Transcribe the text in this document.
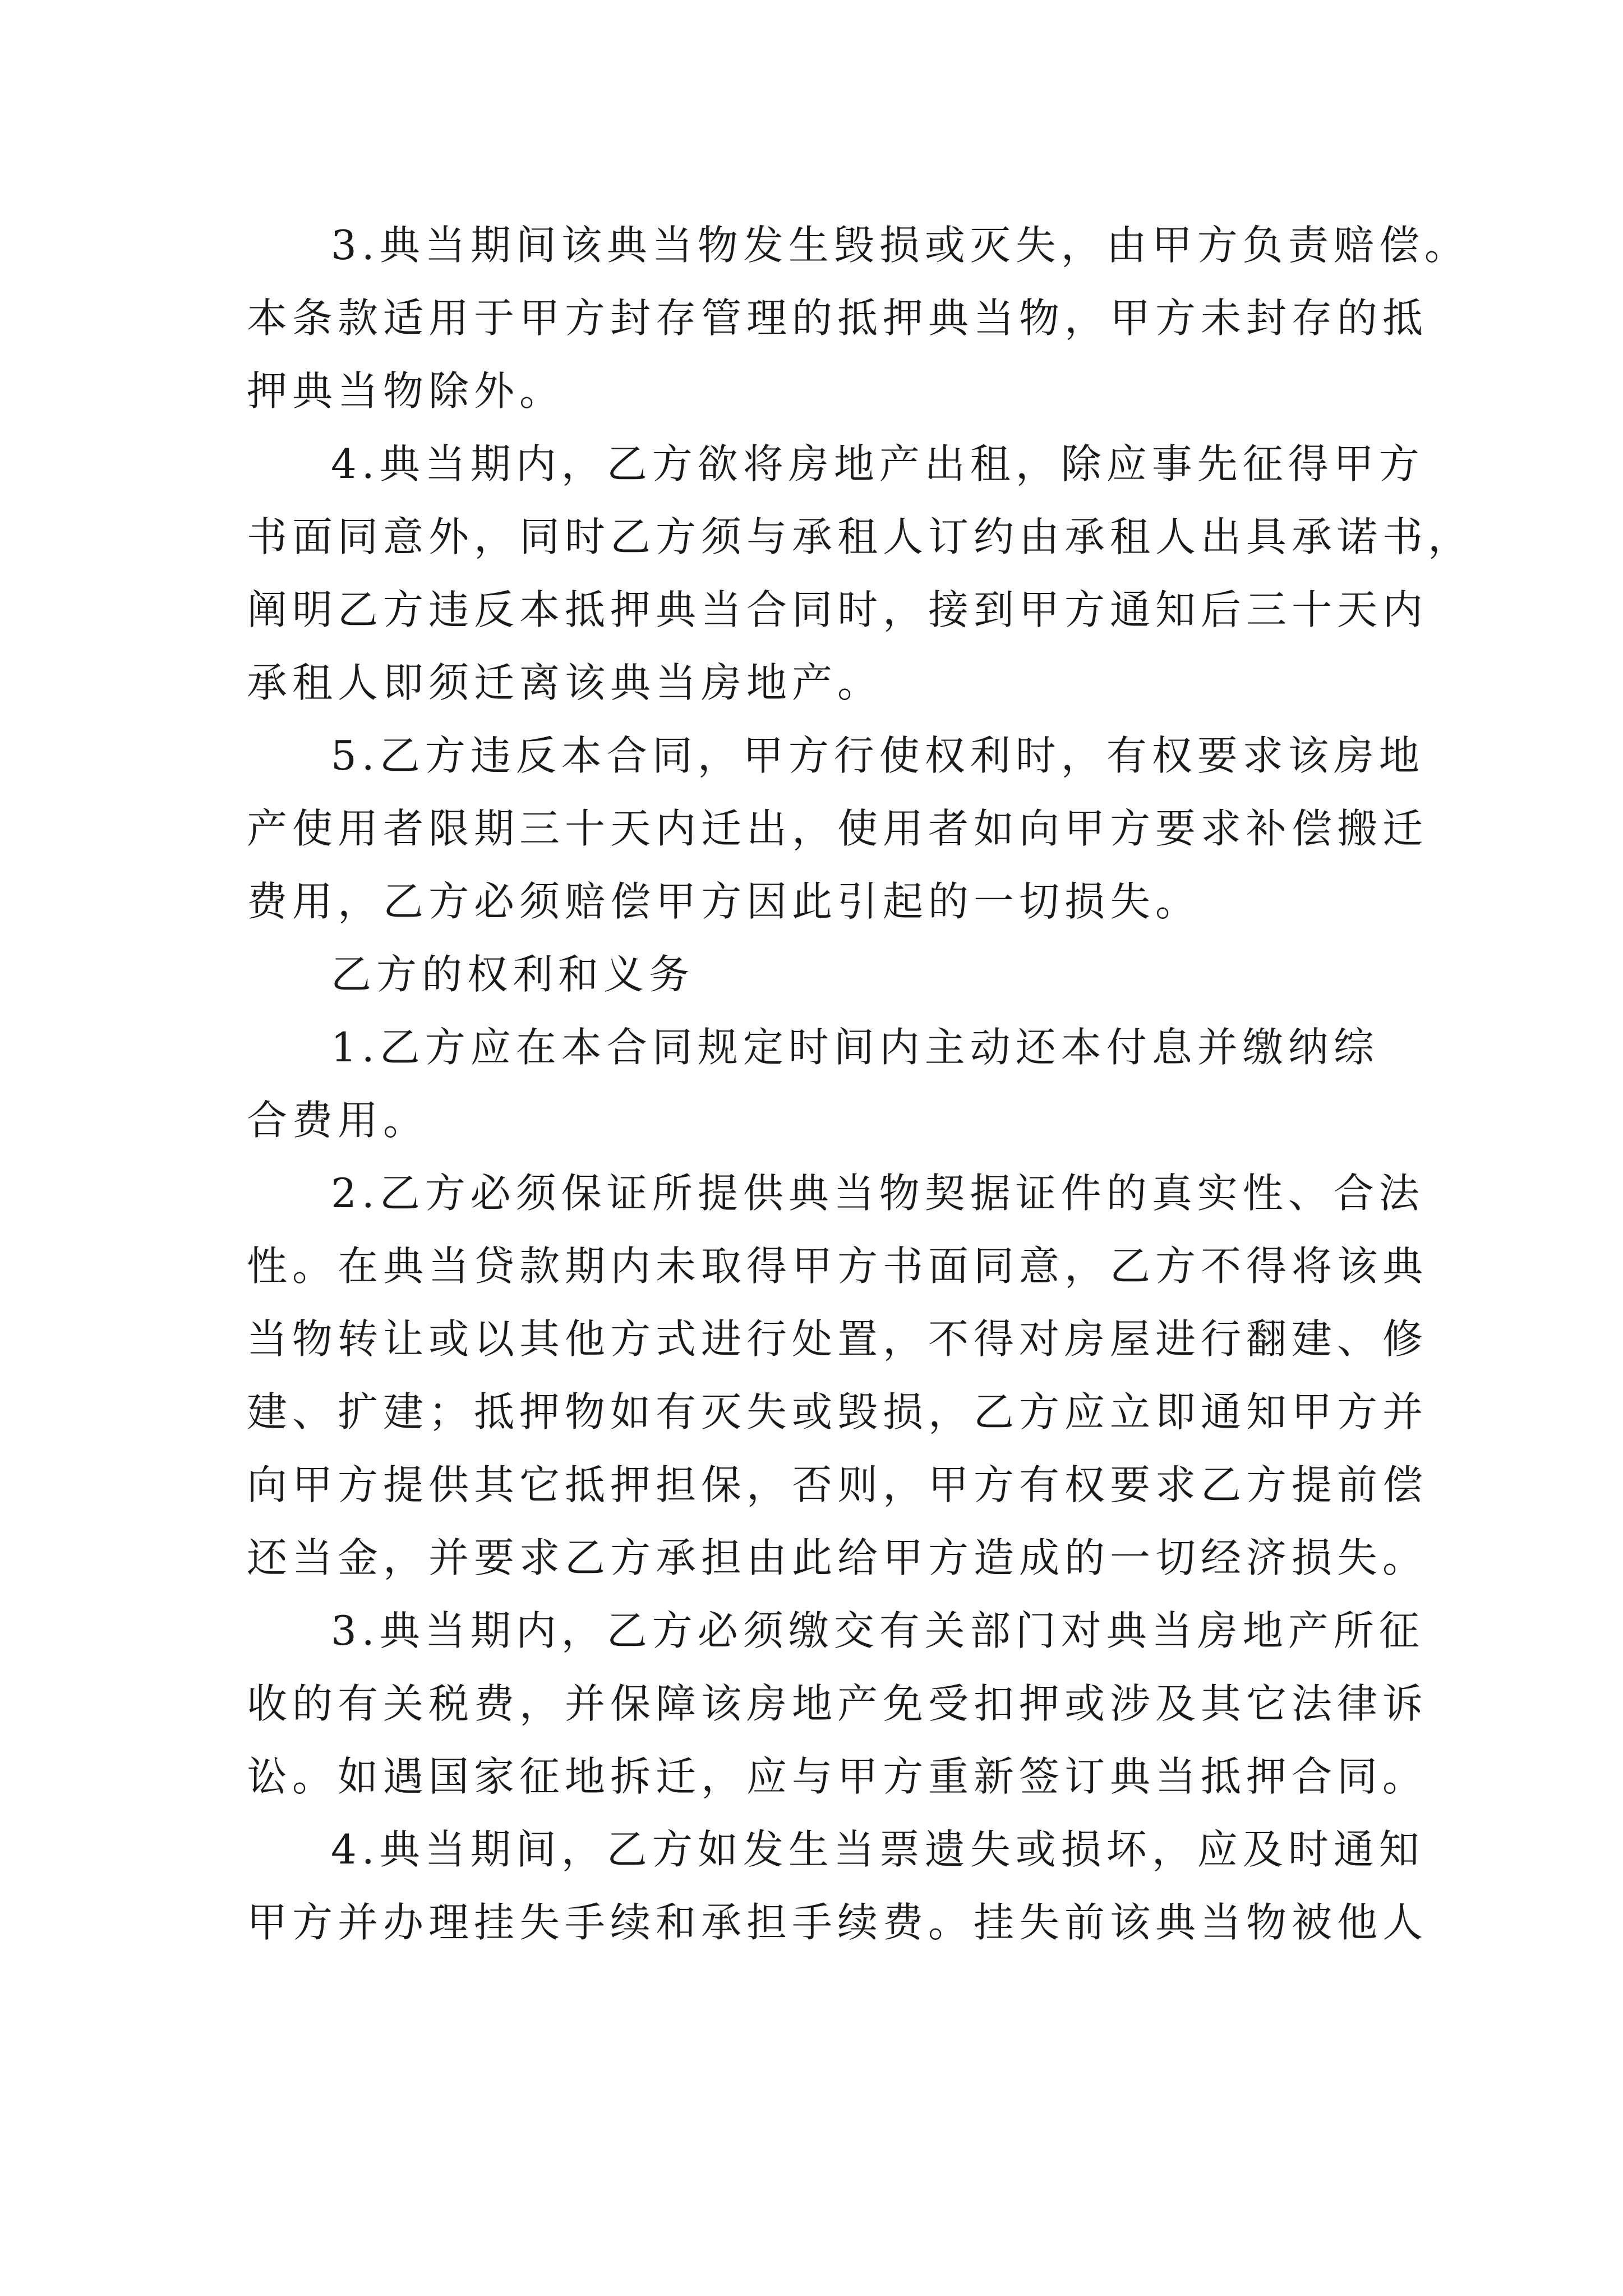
3.典当期间该典当物发生毁损或灭失，由甲方负责赔偿。
本条款适用于甲方封存管理的抵押典当物，甲方未封存的抵
押典当物除外。
4.典当期内，乙方欲将房地产出租，除应事先征得甲方
书面同意外，同时乙方须与承租人订约由承租人出具承诺书，
阐明乙方违反本抵押典当合同时，接到甲方通知后三十天内
承租人即须迁离该典当房地产。
5.乙方违反本合同，甲方行使权利时，有权要求该房地
产使用者限期三十天内迁出，使用者如向甲方要求补偿搬迁
费用，乙方必须赔偿甲方因此引起的一切损失。
乙方的权利和义务
1.乙方应在本合同规定时间内主动还本付息并缴纳综
合费用。
2.乙方必须保证所提供典当物契据证件的真实性、合法
性。在典当贷款期内未取得甲方书面同意，乙方不得将该典
当物转让或以其他方式进行处置，不得对房屋进行翻建、修
建、扩建；抵押物如有灭失或毁损，乙方应立即通知甲方并
向甲方提供其它抵押担保，否则，甲方有权要求乙方提前偿
还当金，并要求乙方承担由此给甲方造成的一切经济损失。
3.典当期内，乙方必须缴交有关部门对典当房地产所征
收的有关税费，并保障该房地产免受扣押或涉及其它法律诉
讼。如遇国家征地拆迁，应与甲方重新签订典当抵押合同。
4.典当期间，乙方如发生当票遗失或损坏，应及时通知
甲方并办理挂失手续和承担手续费。挂失前该典当物被他人
